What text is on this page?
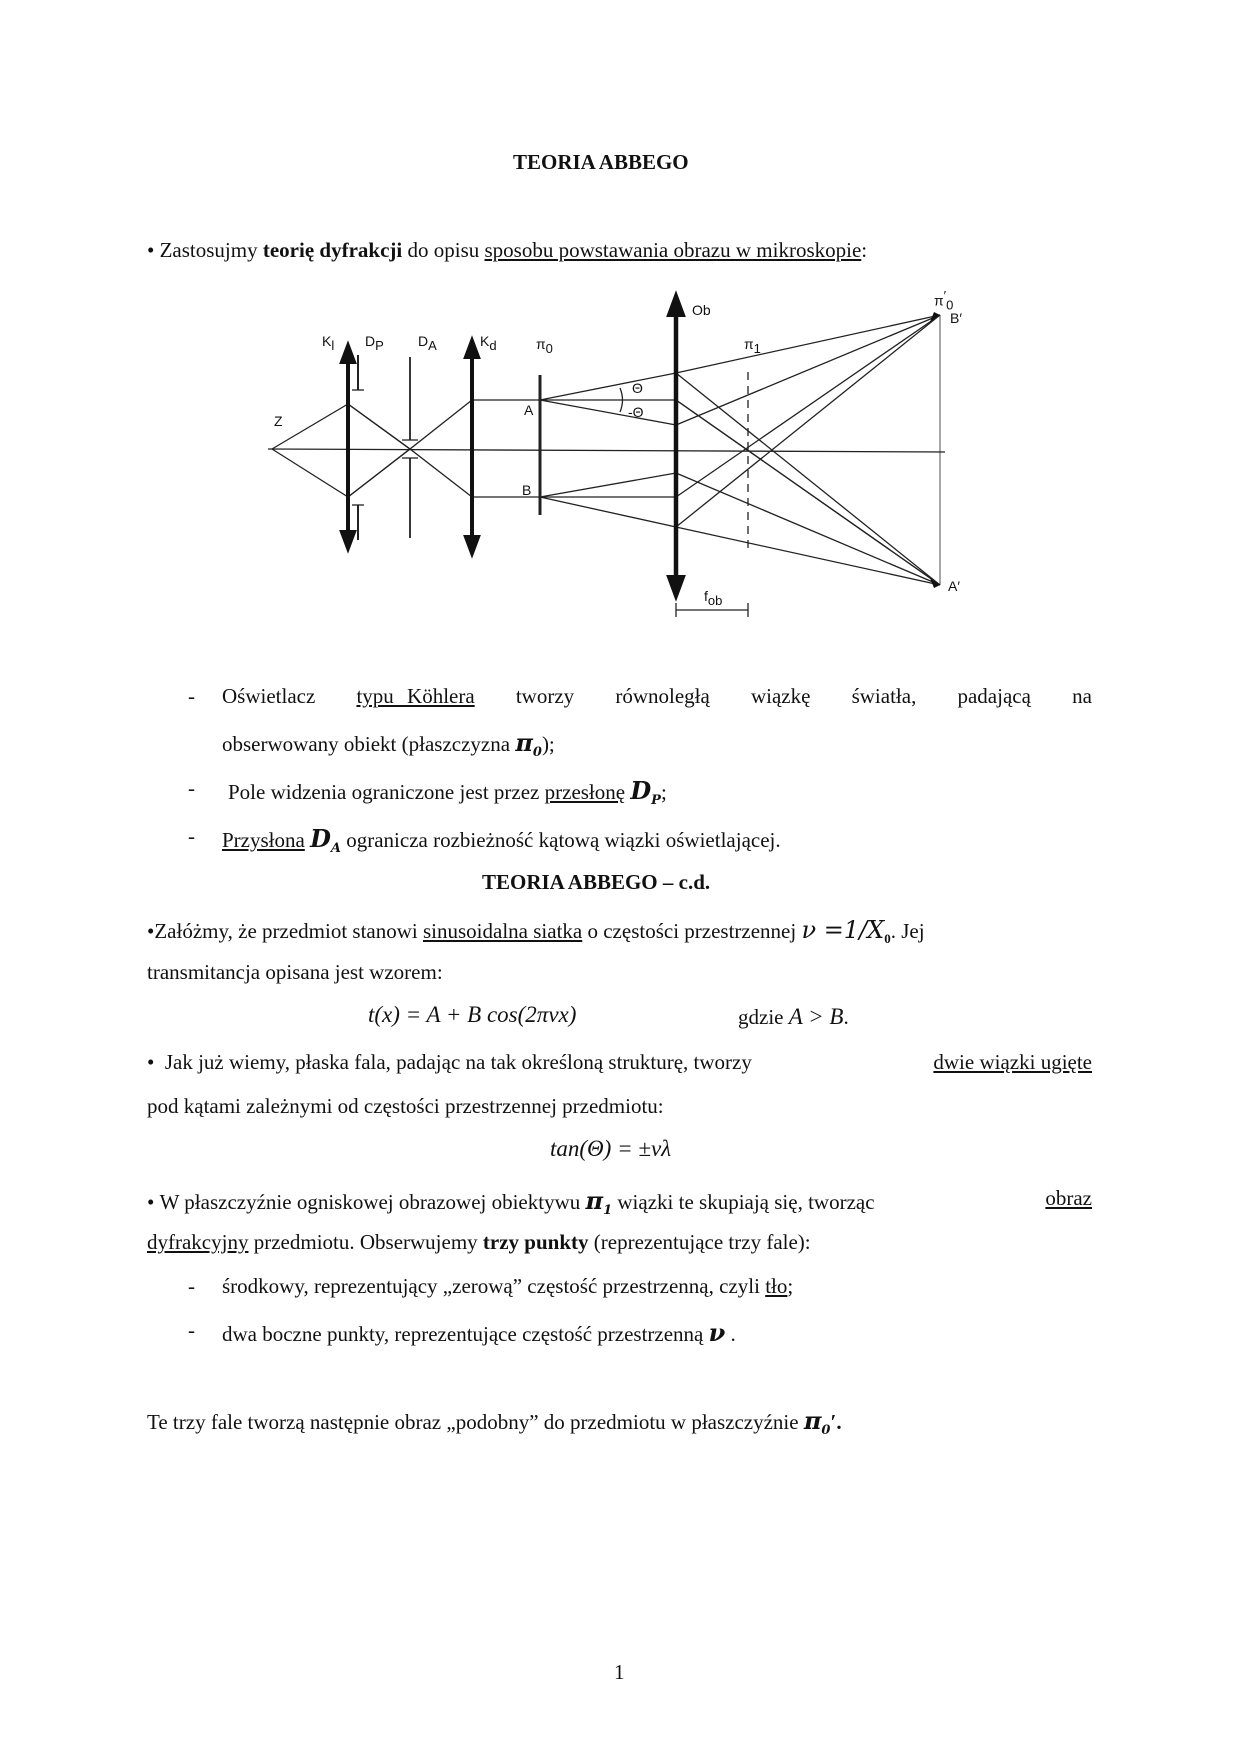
TEORIA ABBEGO
• Zastosujmy teorię dyfrakcji do opisu sposobu powstawania obrazu w mikroskopie:
$K_l$ $D_P$ $D_A$	$K_d$	$\pi_0$
Ob
$\pi_1$
$\pi'_0$
B′
A′
Z
A
B
Θ
-Θ
$f_{ob}$
- Oświetlacz typu Köhlera tworzy równoległą wiązkę światła, padającą na
obserwowany obiekt (płaszczyzna $\pi_0$);
- Pole widzenia ograniczone jest przez przesłonę $D_P$;
- Przysłona $D_A$ ogranicza rozbieżność kątową wiązki oświetlającej.
TEORIA ABBEGO – c.d.
•Załóżmy, że przedmiot stanowi sinusoidalna siatka o częstości przestrzennej $\nu =1/X_0$. Jej
transmitancja opisana jest wzorem:
t(x) = A + B cos(2πνx)	gdzie A > B.
• Jak już wiemy, płaska fala, padając na tak określoną strukturę, tworzy	dwie wiązki ugięte
pod kątami zależnymi od częstości przestrzennej przedmiotu:
tan(Θ) = ±νλ
• W płaszczyźnie ogniskowej obrazowej obiektywu $\pi_1$ wiązki te skupiają się, tworząc	obraz
dyfrakcyjny przedmiotu. Obserwujemy trzy punkty (reprezentujące trzy fale):
- środkowy, reprezentujący „zerową” częstość przestrzenną, czyli tło;
- dwa boczne punkty, reprezentujące częstość przestrzenną ν .
Te trzy fale tworzą następnie obraz „podobny” do przedmiotu w płaszczyźnie $\pi_0'$.
1
